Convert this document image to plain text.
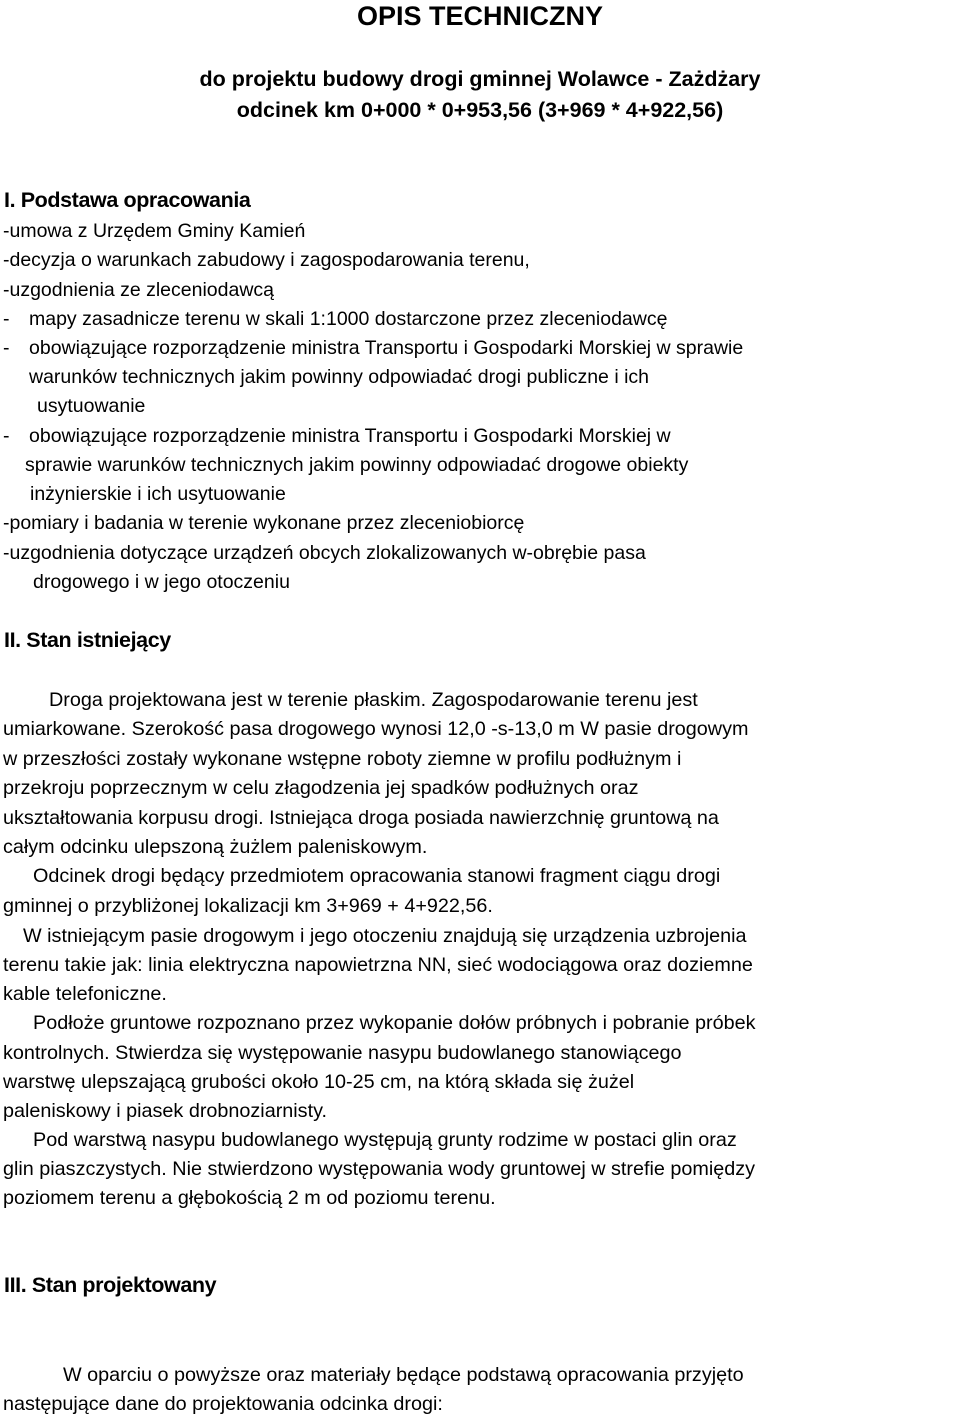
OPIS TECHNICZNY
do projektu budowy drogi gminnej Wolawce - Zażdżary
odcinek km 0+000 * 0+953,56 (3+969 * 4+922,56)
I. Podstawa opracowania
-umowa z Urzędem Gminy Kamień
-decyzja o warunkach zabudowy i zagospodarowania terenu,
-uzgodnienia ze zleceniodawcą
- mapy zasadnicze terenu w skali 1:1000 dostarczone przez zleceniodawcę
- obowiązujące rozporządzenie ministra Transportu i Gospodarki Morskiej w sprawie
warunków technicznych jakim powinny odpowiadać drogi publiczne i ich
usytuowanie
- obowiązujące rozporządzenie ministra Transportu i Gospodarki Morskiej w
sprawie warunków technicznych jakim powinny odpowiadać drogowe obiekty
inżynierskie i ich usytuowanie
-pomiary i badania w terenie wykonane przez zleceniobiorcę
-uzgodnienia dotyczące urządzeń obcych zlokalizowanych w-obrębie pasa
drogowego i w jego otoczeniu
II. Stan istniejący
Droga projektowana jest w terenie płaskim. Zagospodarowanie terenu jest
umiarkowane. Szerokość pasa drogowego wynosi 12,0 -s-13,0 m W pasie drogowym
w przeszłości zostały wykonane wstępne roboty ziemne w profilu podłużnym i
przekroju poprzecznym w celu złagodzenia jej spadków podłużnych oraz
ukształtowania korpusu drogi. Istniejąca droga posiada nawierzchnię gruntową na
całym odcinku ulepszoną żużlem paleniskowym.
Odcinek drogi będący przedmiotem opracowania stanowi fragment ciągu drogi
gminnej o przybliżonej lokalizacji km 3+969 + 4+922,56.
W istniejącym pasie drogowym i jego otoczeniu znajdują się urządzenia uzbrojenia
terenu takie jak: linia elektryczna napowietrzna NN, sieć wodociągowa oraz doziemne
kable telefoniczne.
Podłoże gruntowe rozpoznano przez wykopanie dołów próbnych i pobranie próbek
kontrolnych. Stwierdza się występowanie nasypu budowlanego stanowiącego
warstwę ulepszającą grubości około 10-25 cm, na którą składa się żużel
paleniskowy i piasek drobnoziarnisty.
Pod warstwą nasypu budowlanego występują grunty rodzime w postaci glin oraz
glin piaszczystych. Nie stwierdzono występowania wody gruntowej w strefie pomiędzy
poziomem terenu a głębokością 2 m od poziomu terenu.
III. Stan projektowany
W oparciu o powyższe oraz materiały będące podstawą opracowania przyjęto
następujące dane do projektowania odcinka drogi:
